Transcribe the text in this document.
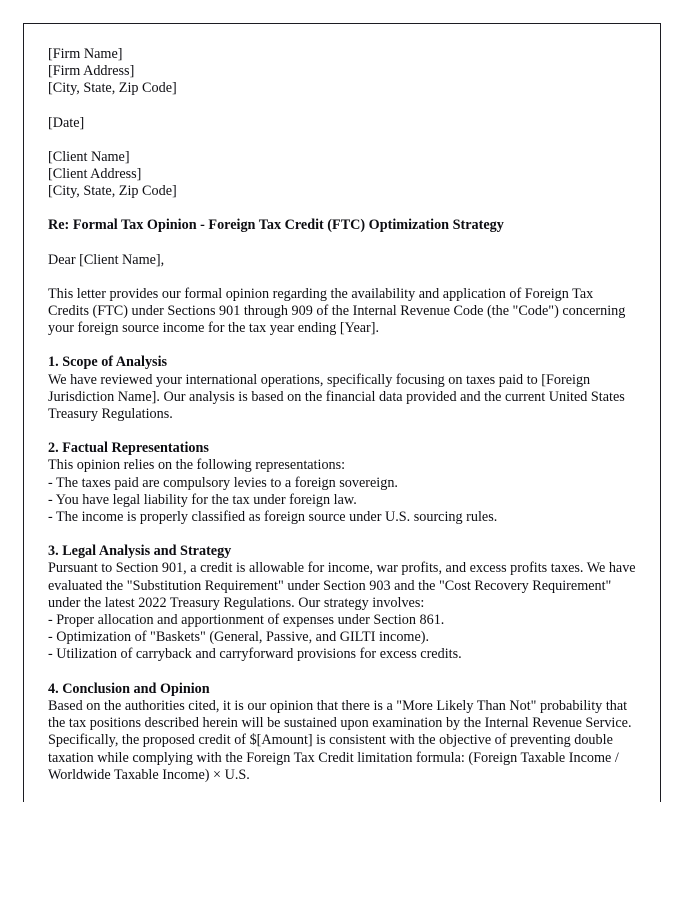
[Firm Name]
[Firm Address]
[City, State, Zip Code]
[Date]
[Client Name]
[Client Address]
[City, State, Zip Code]
Re: Formal Tax Opinion - Foreign Tax Credit (FTC) Optimization Strategy
Dear [Client Name],
This letter provides our formal opinion regarding the availability and application of Foreign Tax Credits (FTC) under Sections 901 through 909 of the Internal Revenue Code (the "Code") concerning your foreign source income for the tax year ending [Year].
1. Scope of Analysis
We have reviewed your international operations, specifically focusing on taxes paid to [Foreign Jurisdiction Name]. Our analysis is based on the financial data provided and the current United States Treasury Regulations.
2. Factual Representations
This opinion relies on the following representations:
- The taxes paid are compulsory levies to a foreign sovereign.
- You have legal liability for the tax under foreign law.
- The income is properly classified as foreign source under U.S. sourcing rules.
3. Legal Analysis and Strategy
Pursuant to Section 901, a credit is allowable for income, war profits, and excess profits taxes. We have evaluated the "Substitution Requirement" under Section 903 and the "Cost Recovery Requirement" under the latest 2022 Treasury Regulations. Our strategy involves:
- Proper allocation and apportionment of expenses under Section 861.
- Optimization of "Baskets" (General, Passive, and GILTI income).
- Utilization of carryback and carryforward provisions for excess credits.
4. Conclusion and Opinion
Based on the authorities cited, it is our opinion that there is a "More Likely Than Not" probability that the tax positions described herein will be sustained upon examination by the Internal Revenue Service. Specifically, the proposed credit of $[Amount] is consistent with the objective of preventing double taxation while complying with the Foreign Tax Credit limitation formula: (Foreign Taxable Income / Worldwide Taxable Income) × U.S.
